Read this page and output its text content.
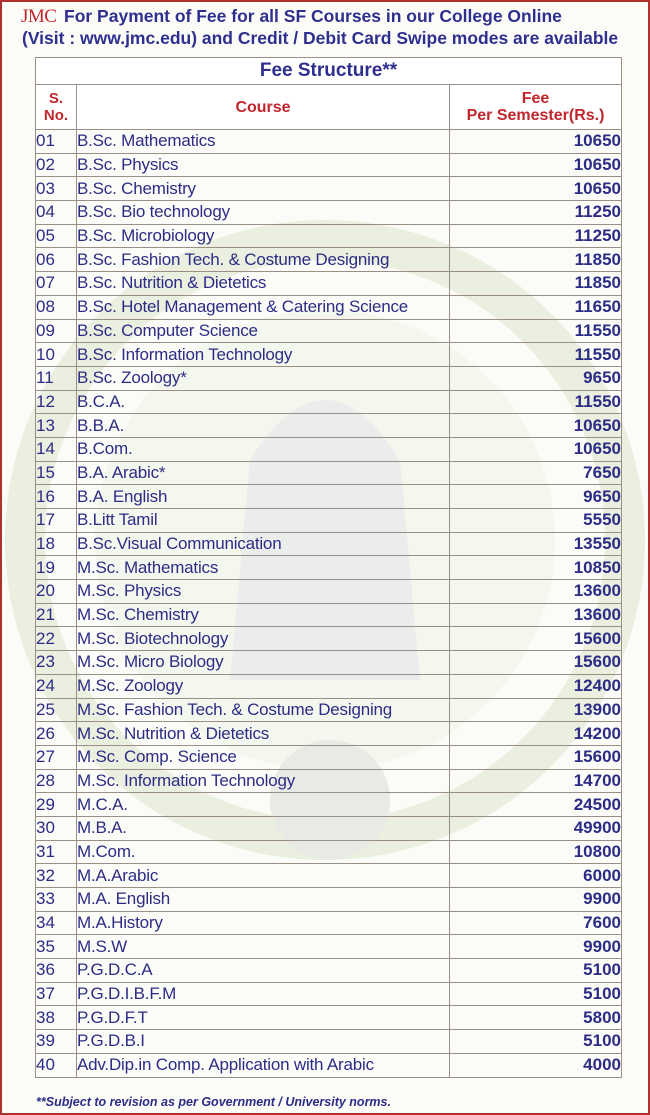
JMC For Payment of Fee for all SF Courses in our College Online
(Visit : www.jmc.edu) and Credit / Debit Card Swipe modes are available
Fee Structure**		
S.
No.	Course	Fee
Per Semester(Rs.)
01	B.Sc. Mathematics	10650
02	B.Sc. Physics	10650
03	B.Sc. Chemistry	10650
04	B.Sc. Bio technology	11250
05	B.Sc. Microbiology	11250
06	B.Sc. Fashion Tech. & Costume Designing	11850
07	B.Sc. Nutrition & Dietetics	11850
08	B.Sc. Hotel Management & Catering Science	11650
09	B.Sc. Computer Science	11550
10	B.Sc. Information Technology	11550
11	B.Sc. Zoology*	9650
12	B.C.A.	11550
13	B.B.A.	10650
14	B.Com.	10650
15	B.A. Arabic*	7650
16	B.A. English	9650
17	B.Litt Tamil	5550
18	B.Sc.Visual Communication	13550
19	M.Sc. Mathematics	10850
20	M.Sc. Physics	13600
21	M.Sc. Chemistry	13600
22	M.Sc. Biotechnology	15600
23	M.Sc. Micro Biology	15600
24	M.Sc. Zoology	12400
25	M.Sc. Fashion Tech. & Costume Designing	13900
26	M.Sc. Nutrition & Dietetics	14200
27	M.Sc. Comp. Science	15600
28	M.Sc. Information Technology	14700
29	M.C.A.	24500
30	M.B.A.	49900
31	M.Com.	10800
32	M.A.Arabic	6000
33	M.A. English	9900
34	M.A.History	7600
35	M.S.W	9900
36	P.G.D.C.A	5100
37	P.G.D.I.B.F.M	5100
38	P.G.D.F.T	5800
39	P.G.D.B.I	5100
40	Adv.Dip.in Comp. Application with Arabic	4000
**Subject to revision as per Government / University norms.
